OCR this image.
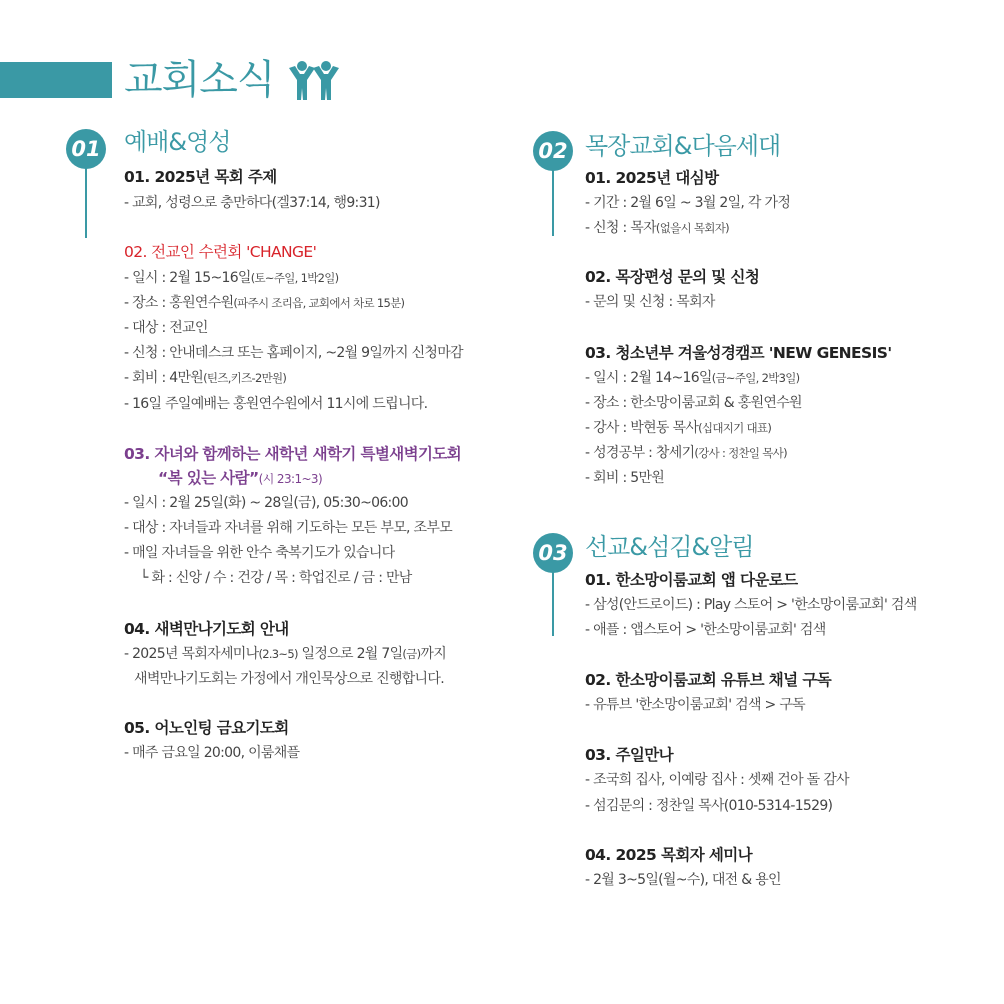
교회소식
01 예배&영성
01. 2025년 목회 주제
- 교회, 성령으로 충만하다(겔37:14, 행9:31)
02. 전교인 수련회 'CHANGE'
- 일시 : 2월 15~16일(토~주일, 1박2일)
- 장소 : 홍원연수원(파주시 조리읍, 교회에서 차로 15분)
- 대상 : 전교인
- 신청 : 안내데스크 또는 홈페이지, ~2월 9일까지 신청마감
- 회비 : 4만원(틴즈,키즈-2만원)
- 16일 주일예배는 홍원연수원에서 11시에 드립니다.
03. 자녀와 함께하는 새학년 새학기 특별새벽기도회
“복 있는 사람”(시 23:1~3)
- 일시 : 2월 25일(화) ~ 28일(금), 05:30~06:00
- 대상 : 자녀들과 자녀를 위해 기도하는 모든 부모, 조부모
- 매일 자녀들을 위한 안수 축복기도가 있습니다
└ 화 : 신앙 / 수 : 건강 / 목 : 학업진로 / 금 : 만남
04. 새벽만나기도회 안내
- 2025년 목회자세미나(2.3~5) 일정으로 2월 7일(금)까지
새벽만나기도회는 가정에서 개인묵상으로 진행합니다.
05. 어노인팅 금요기도회
- 매주 금요일 20:00, 이룸채플
02 목장교회&다음세대
01. 2025년 대심방
- 기간 : 2월 6일 ~ 3월 2일, 각 가정
- 신청 : 목자(없을시 목회자)
02. 목장편성 문의 및 신청
- 문의 및 신청 : 목회자
03. 청소년부 겨울성경캠프 'NEW GENESIS'
- 일시 : 2월 14~16일(금~주일, 2박3일)
- 장소 : 한소망이룸교회 & 홍원연수원
- 강사 : 박현동 목사(십대지기 대표)
- 성경공부 : 창세기(강사 : 정찬일 목사)
- 회비 : 5만원
03 선교&섬김&알림
01. 한소망이룸교회 앱 다운로드
- 삼성(안드로이드) : Play 스토어 > '한소망이룸교회' 검색
- 애플 : 앱스토어 > '한소망이룸교회' 검색
02. 한소망이룸교회 유튜브 채널 구독
- 유튜브 '한소망이룸교회' 검색 > 구독
03. 주일만나
- 조국희 집사, 이예랑 집사 : 셋째 건아 돌 감사
- 섬김문의 : 정찬일 목사(010-5314-1529)
04. 2025 목회자 세미나
- 2월 3~5일(월~수), 대전 & 용인
